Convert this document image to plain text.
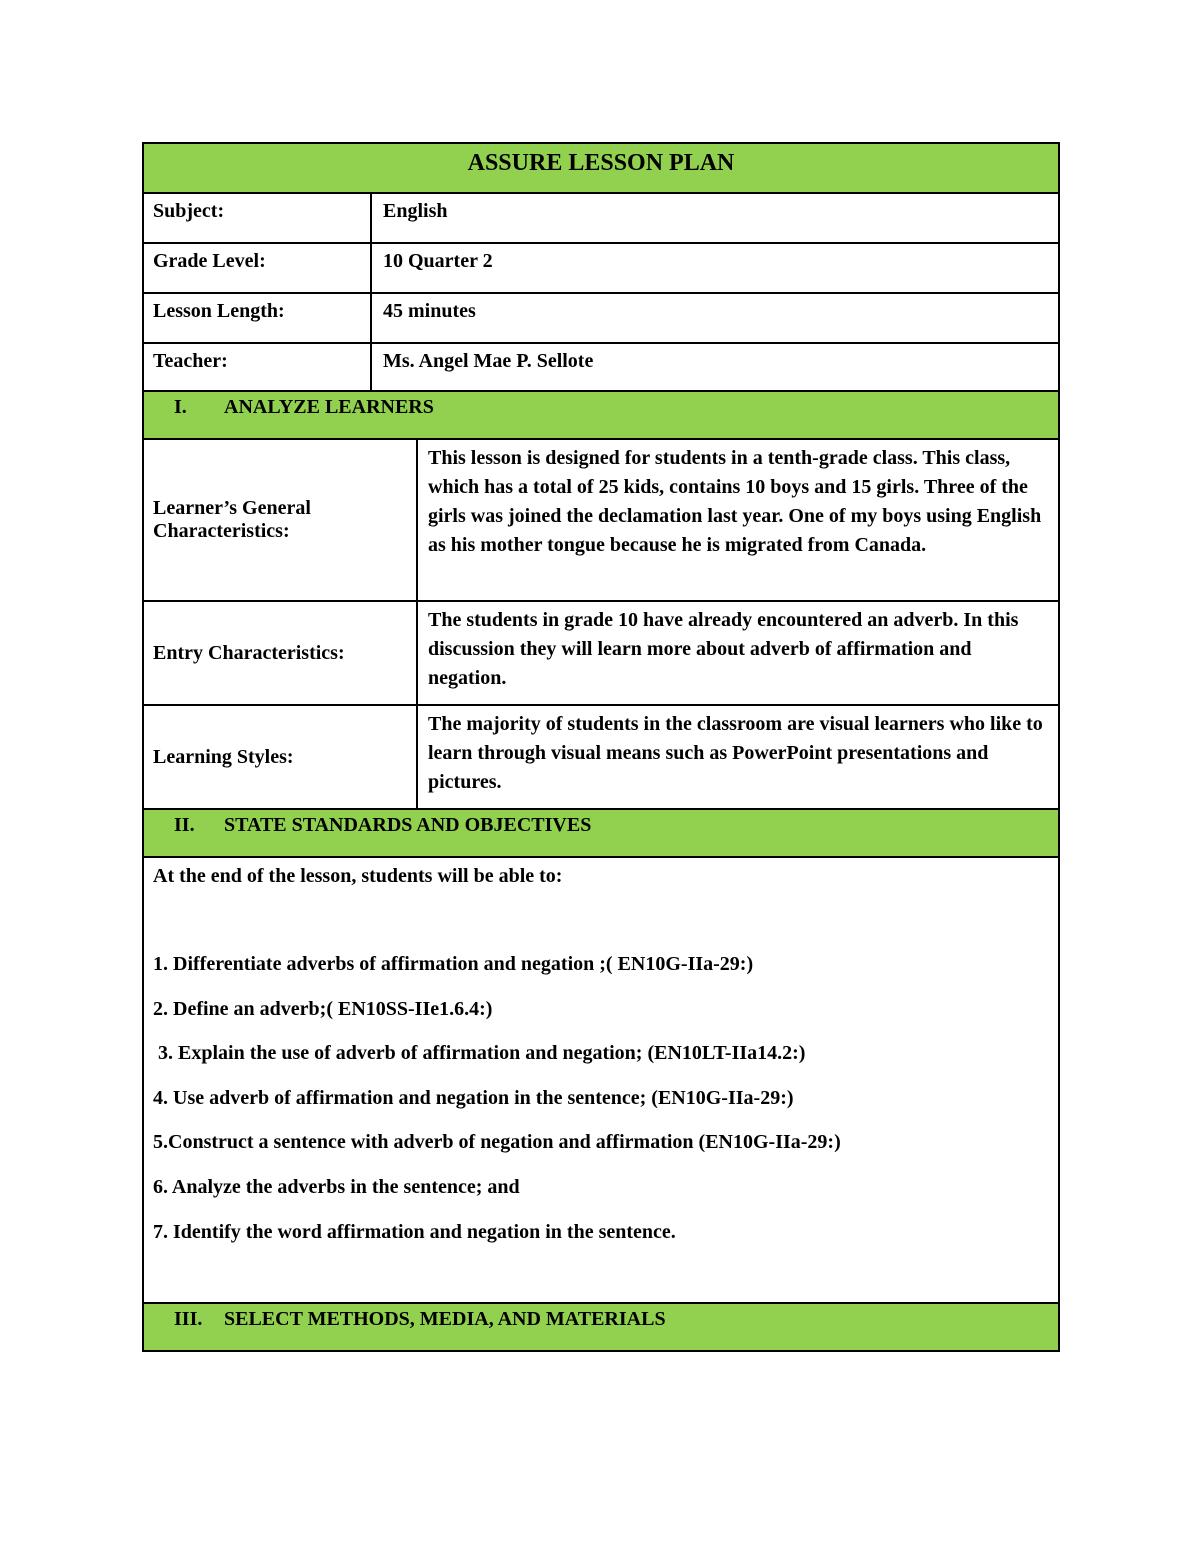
ASSURE LESSON PLAN
Subject:	English
Grade Level:	10 Quarter 2
Lesson Length:	45 minutes
Teacher:	Ms. Angel Mae P. Sellote
I.	ANALYZE LEARNERS
Learner’s General Characteristics:
This lesson is designed for students in a tenth-grade class. This class, which has a total of 25 kids, contains 10 boys and 15 girls. Three of the girls was joined the declamation last year. One of my boys using English as his mother tongue because he is migrated from Canada.
Entry Characteristics:
The students in grade 10 have already encountered an adverb. In this discussion they will learn more about adverb of affirmation and negation.
Learning Styles:
The majority of students in the classroom are visual learners who like to learn through visual means such as PowerPoint presentations and pictures.
II.	STATE STANDARDS AND OBJECTIVES
At the end of the lesson, students will be able to:
1. Differentiate adverbs of affirmation and negation ;( EN10G-IIa-29:)
2. Define an adverb;( EN10SS-IIe1.6.4:)
3. Explain the use of adverb of affirmation and negation; (EN10LT-IIa14.2:)
4. Use adverb of affirmation and negation in the sentence; (EN10G-IIa-29:)
5.Construct a sentence with adverb of negation and affirmation (EN10G-IIa-29:)
6. Analyze the adverbs in the sentence; and
7. Identify the word affirmation and negation in the sentence.
III.	SELECT METHODS, MEDIA, AND MATERIALS
